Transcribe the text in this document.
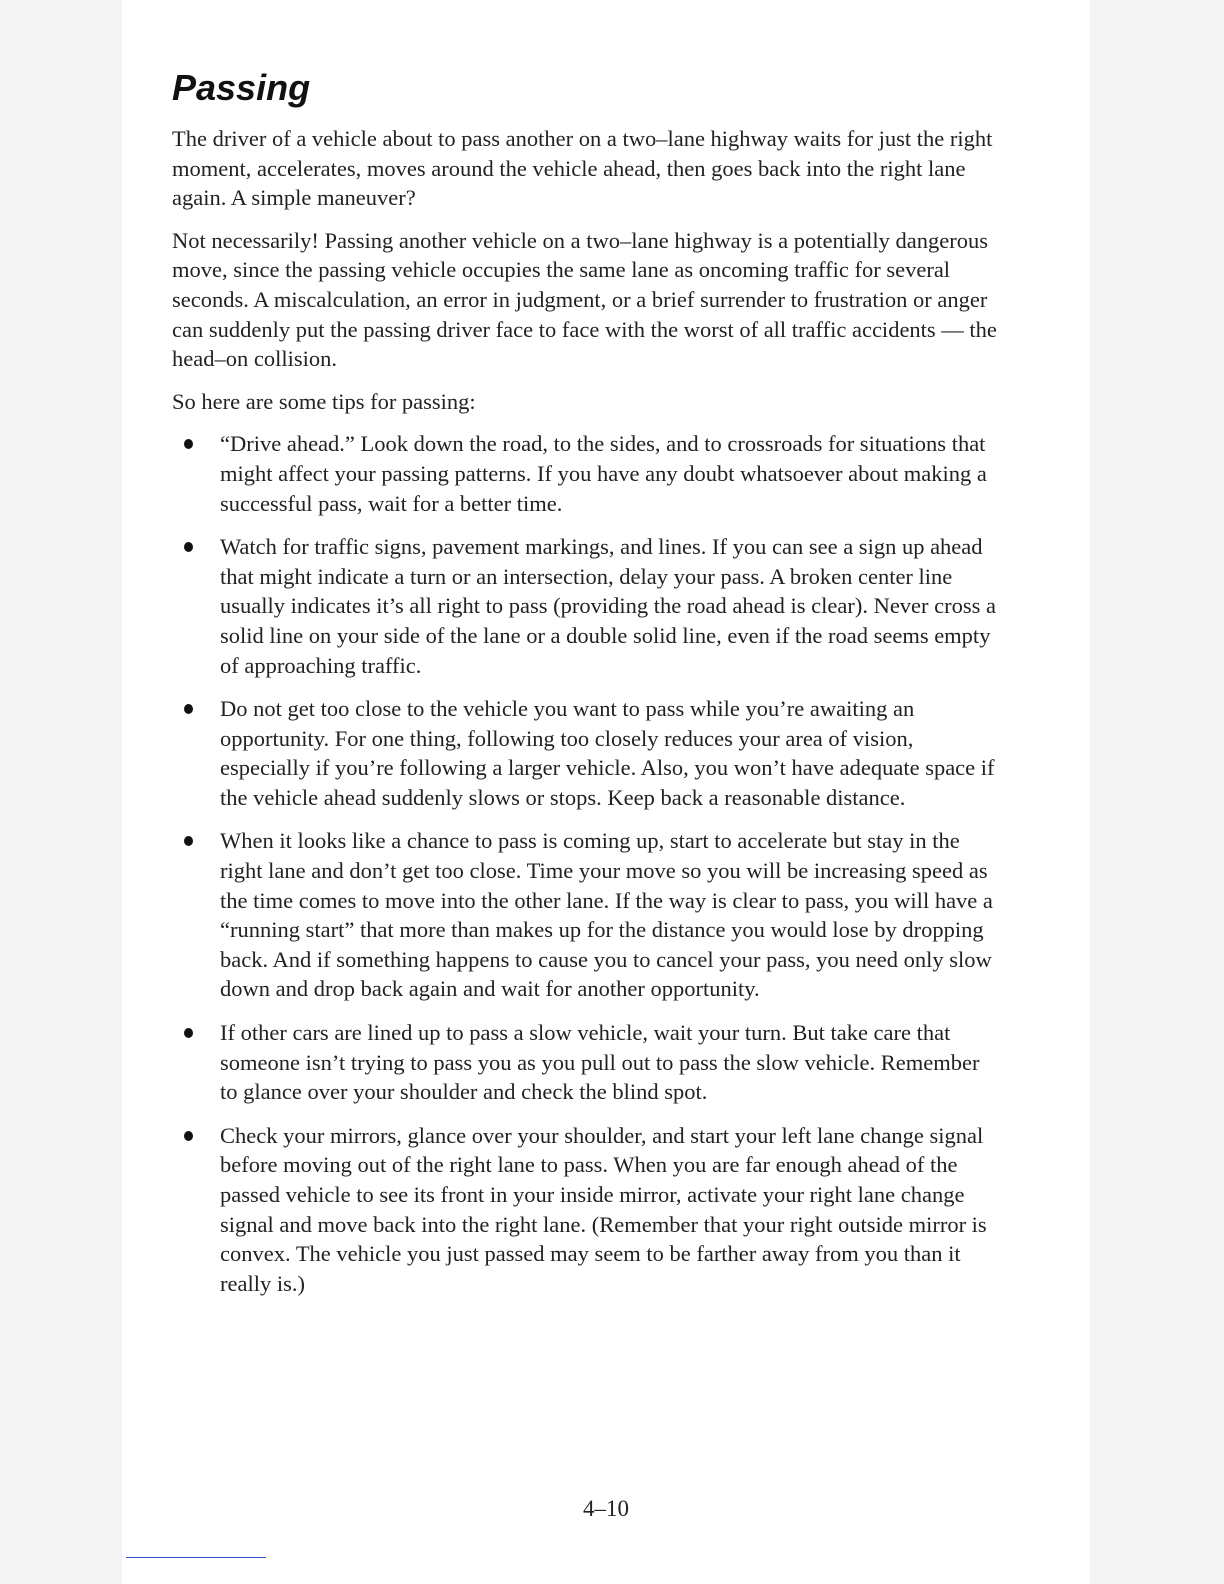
Passing

The driver of a vehicle about to pass another on a two–lane highway waits for just the right moment, accelerates, moves around the vehicle ahead, then goes back into the right lane again. A simple maneuver?

Not necessarily! Passing another vehicle on a two–lane highway is a potentially dangerous move, since the passing vehicle occupies the same lane as oncoming traffic for several seconds. A miscalculation, an error in judgment, or a brief surrender to frustration or anger can suddenly put the passing driver face to face with the worst of all traffic accidents — the head–on collision.

So here are some tips for passing:

“Drive ahead.” Look down the road, to the sides, and to crossroads for situations that might affect your passing patterns. If you have any doubt whatsoever about making a successful pass, wait for a better time.
Watch for traffic signs, pavement markings, and lines. If you can see a sign up ahead that might indicate a turn or an intersection, delay your pass. A broken center line usually indicates it’s all right to pass (providing the road ahead is clear). Never cross a solid line on your side of the lane or a double solid line, even if the road seems empty of approaching traffic.
Do not get too close to the vehicle you want to pass while you’re awaiting an opportunity. For one thing, following too closely reduces your area of vision, especially if you’re following a larger vehicle. Also, you won’t have adequate space if the vehicle ahead suddenly slows or stops. Keep back a reasonable distance.
When it looks like a chance to pass is coming up, start to accelerate but stay in the right lane and don’t get too close. Time your move so you will be increasing speed as the time comes to move into the other lane. If the way is clear to pass, you will have a “running start” that more than makes up for the distance you would lose by dropping back. And if something happens to cause you to cancel your pass, you need only slow down and drop back again and wait for another opportunity.
If other cars are lined up to pass a slow vehicle, wait your turn. But take care that someone isn’t trying to pass you as you pull out to pass the slow vehicle. Remember to glance over your shoulder and check the blind spot.
Check your mirrors, glance over your shoulder, and start your left lane change signal before moving out of the right lane to pass. When you are far enough ahead of the passed vehicle to see its front in your inside mirror, activate your right lane change signal and move back into the right lane. (Remember that your right outside mirror is convex. The vehicle you just passed may seem to be farther away from you than it really is.)
4–10
